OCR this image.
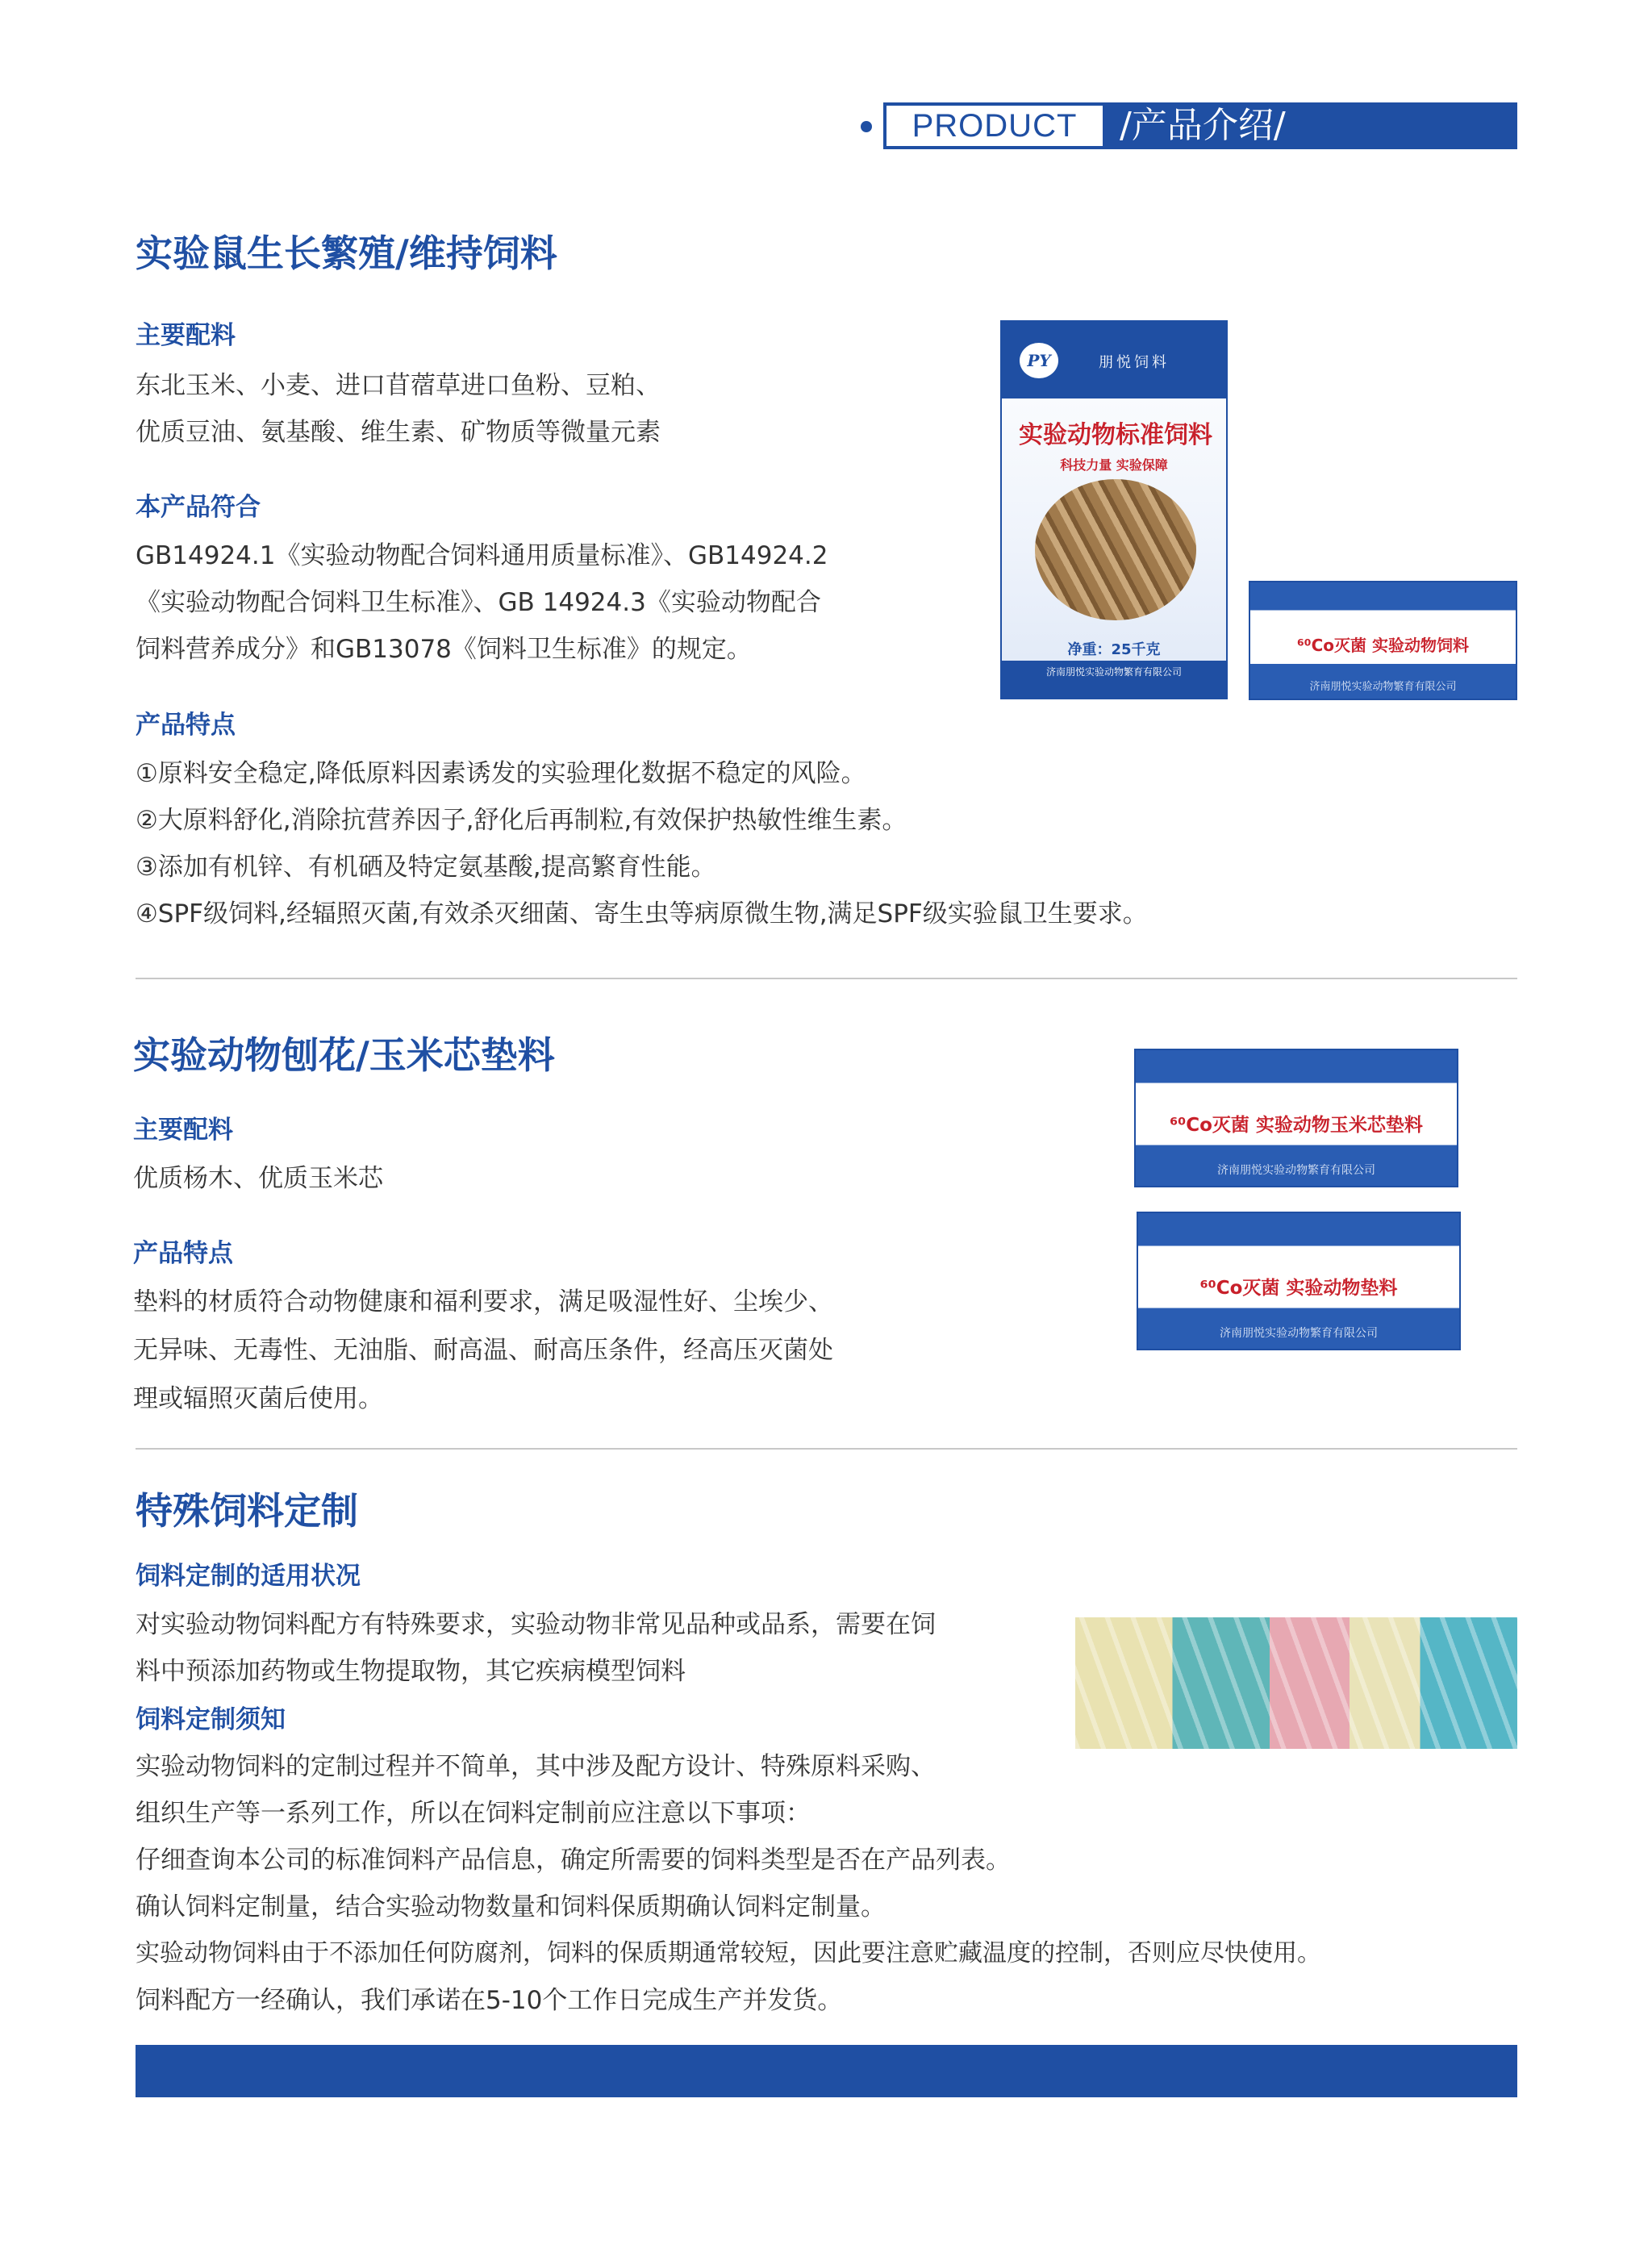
PRODUCT	/产品介绍/
实验鼠生长繁殖/维持饲料
主要配料
东北玉米、小麦、进口苜蓿草进口鱼粉、豆粕、
优质豆油、氨基酸、维生素、矿物质等微量元素
本产品符合
GB14924.1《实验动物配合饲料通用质量标准》、GB14924.2
《实验动物配合饲料卫生标准》、GB 14924.3《实验动物配合
饲料营养成分》和GB13078《饲料卫生标准》的规定。
产品特点
①原料安全稳定,降低原料因素诱发的实验理化数据不稳定的风险。
②大原料舒化,消除抗营养因子,舒化后再制粒,有效保护热敏性维生素。
③添加有机锌、有机硒及特定氨基酸,提高繁育性能。
④SPF级饲料,经辐照灭菌,有效杀灭细菌、寄生虫等病原微生物,满足SPF级实验鼠卫生要求。
PY	朋悦饲料
实验动物标准饲料
科技力量 实验保障
净重：25千克
济南朋悦实验动物繁育有限公司
⁶⁰Co灭菌 实验动物饲料
济南朋悦实验动物繁育有限公司
实验动物刨花/玉米芯垫料
主要配料
优质杨木、优质玉米芯
产品特点
垫料的材质符合动物健康和福利要求，满足吸湿性好、尘埃少、
无异味、无毒性、无油脂、耐高温、耐高压条件，经高压灭菌处
理或辐照灭菌后使用。
⁶⁰Co灭菌 实验动物玉米芯垫料
济南朋悦实验动物繁育有限公司
⁶⁰Co灭菌 实验动物垫料
济南朋悦实验动物繁育有限公司
特殊饲料定制
饲料定制的适用状况
对实验动物饲料配方有特殊要求，实验动物非常见品种或品系，需要在饲
料中预添加药物或生物提取物，其它疾病模型饲料
饲料定制须知
实验动物饲料的定制过程并不简单，其中涉及配方设计、特殊原料采购、
组织生产等一系列工作，所以在饲料定制前应注意以下事项：
仔细查询本公司的标准饲料产品信息，确定所需要的饲料类型是否在产品列表。
确认饲料定制量，结合实验动物数量和饲料保质期确认饲料定制量。
实验动物饲料由于不添加任何防腐剂，饲料的保质期通常较短，因此要注意贮藏温度的控制，否则应尽快使用。
饲料配方一经确认，我们承诺在5-10个工作日完成生产并发货。
